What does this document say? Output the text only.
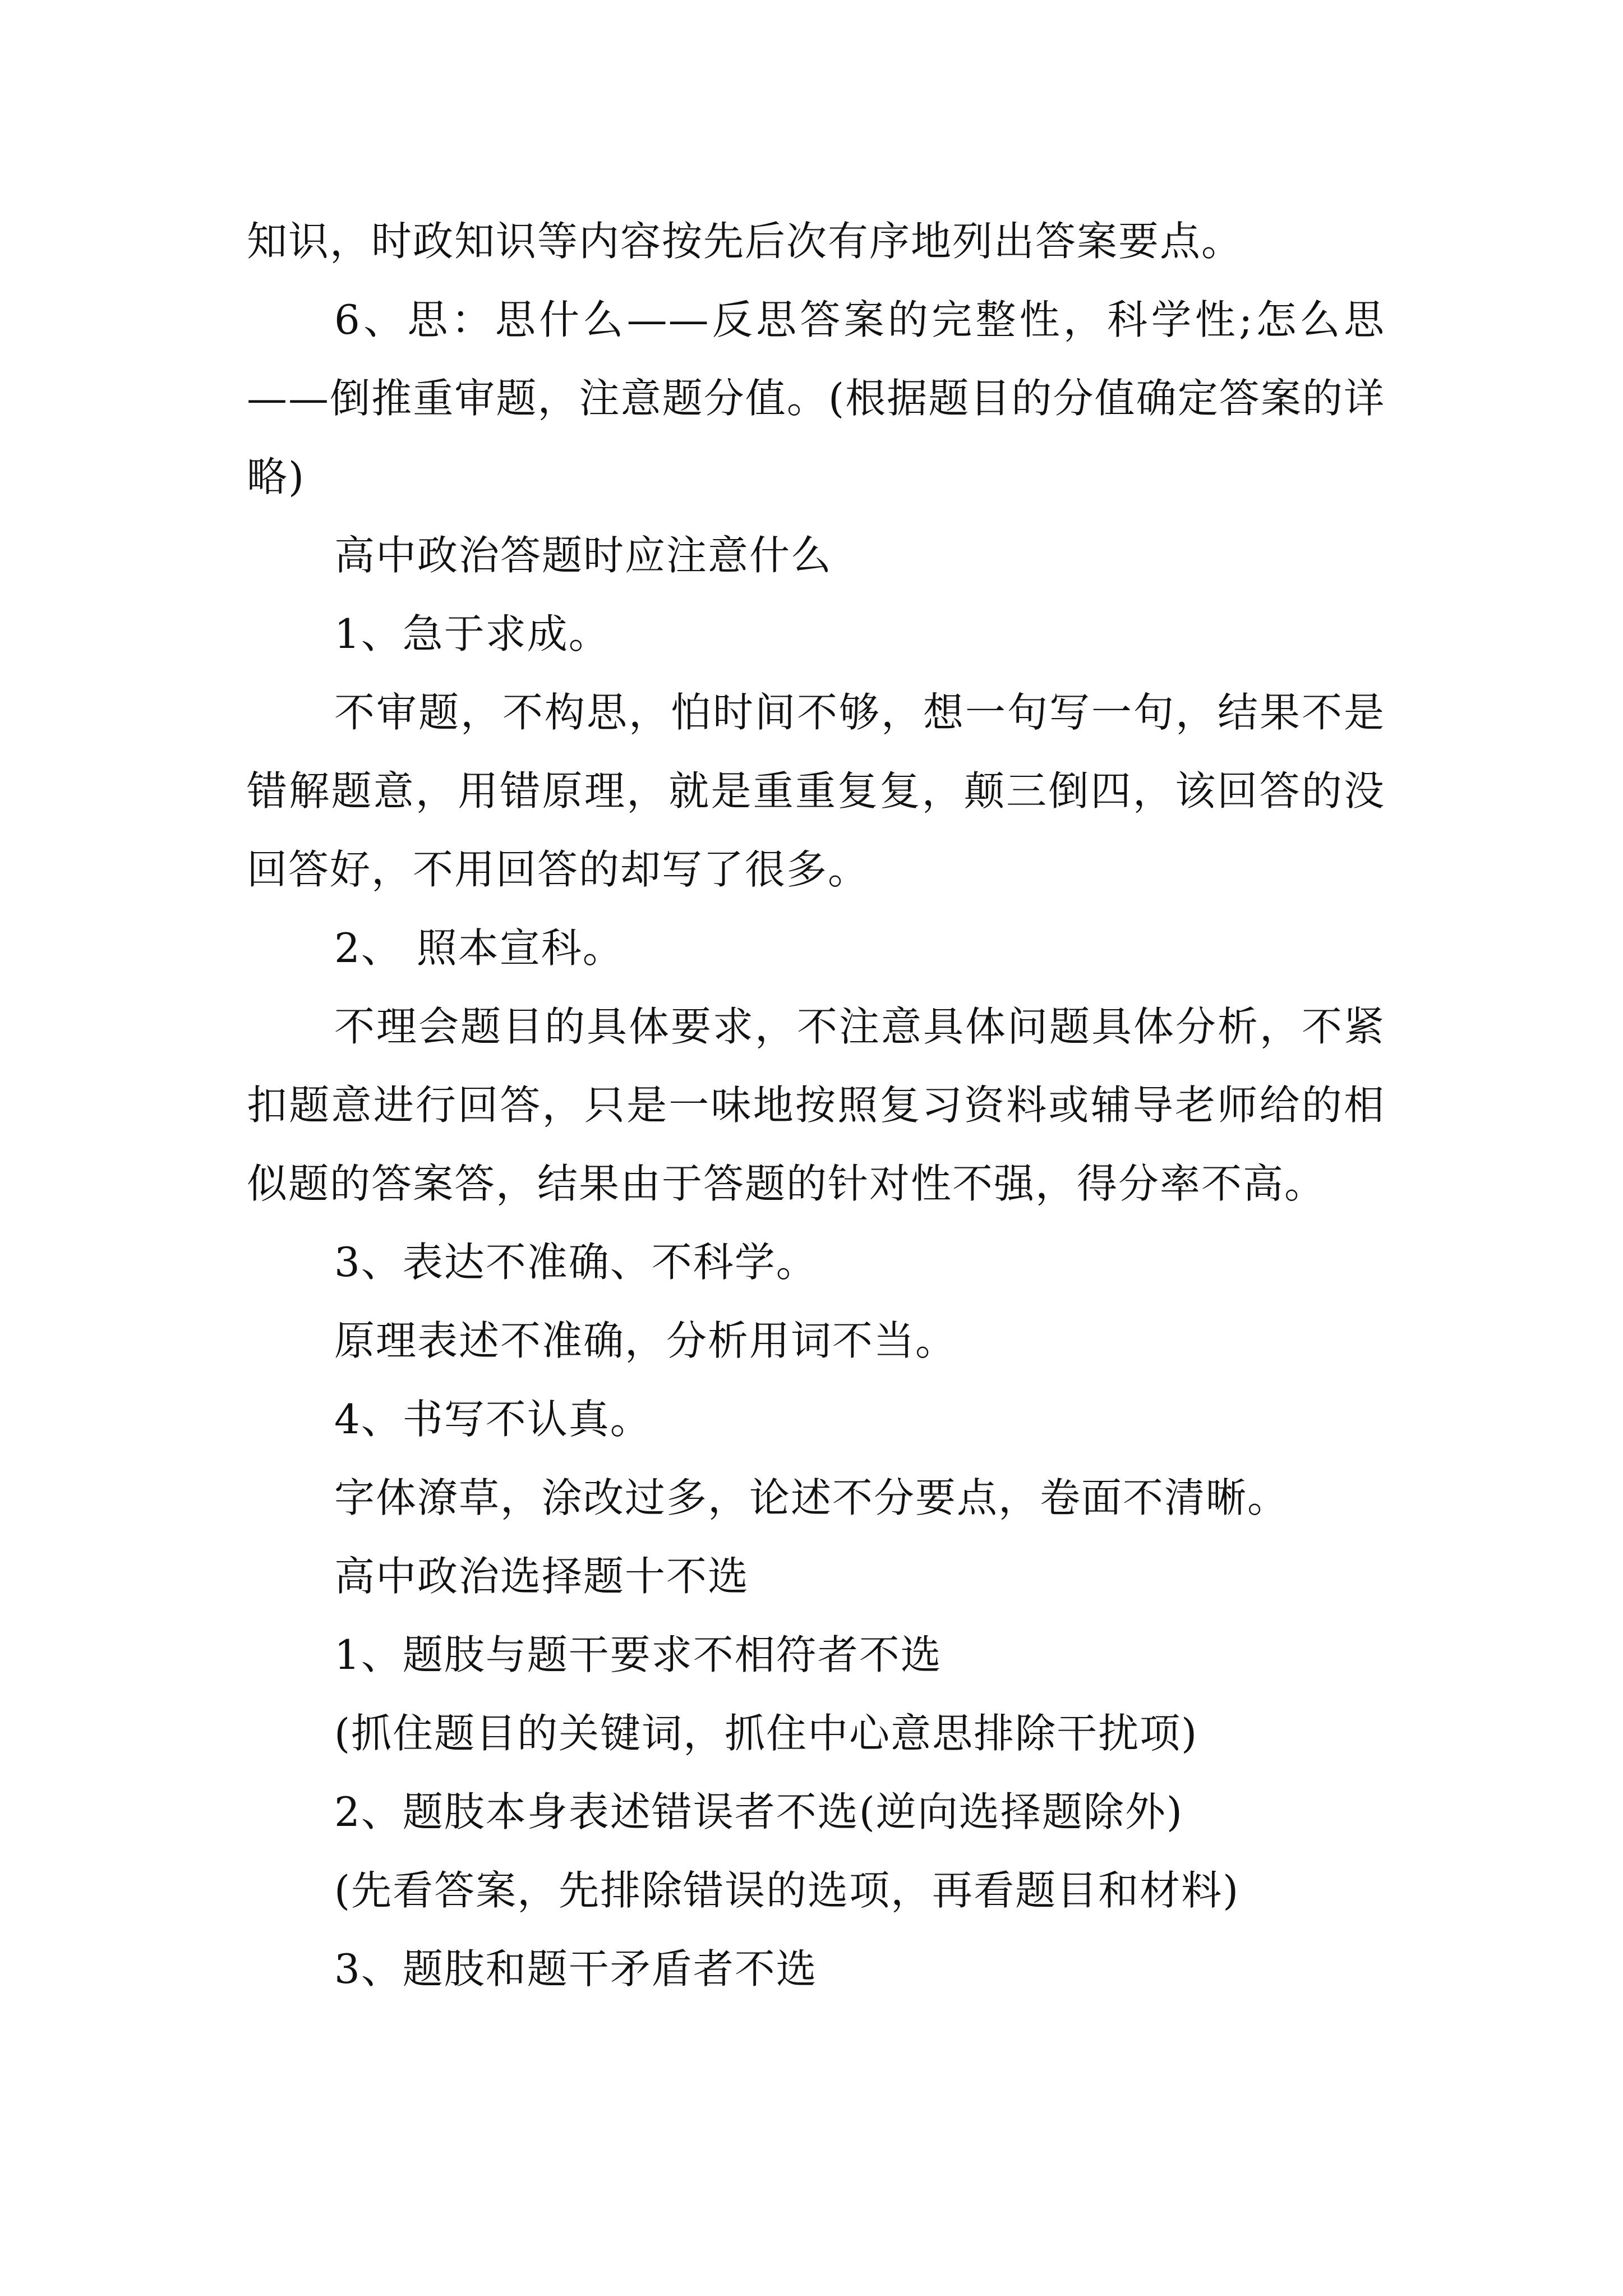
知识，时政知识等内容按先后次有序地列出答案要点。

6、思：思什么——反思答案的完整性，科学性;怎么思——倒推重审题，注意题分值。(根据题目的分值确定答案的详略)

高中政治答题时应注意什么

1、急于求成。

不审题，不构思，怕时间不够，想一句写一句，结果不是错解题意，用错原理，就是重重复复，颠三倒四，该回答的没回答好，不用回答的却写了很多。

2、 照本宣科。

不理会题目的具体要求，不注意具体问题具体分析，不紧扣题意进行回答，只是一味地按照复习资料或辅导老师给的相似题的答案答，结果由于答题的针对性不强，得分率不高。

3、表达不准确、不科学。

原理表述不准确，分析用词不当。

4、书写不认真。

字体潦草，涂改过多，论述不分要点，卷面不清晰。

高中政治选择题十不选

1、题肢与题干要求不相符者不选

(抓住题目的关键词，抓住中心意思排除干扰项)

2、题肢本身表述错误者不选(逆向选择题除外)

(先看答案，先排除错误的选项，再看题目和材料)

3、题肢和题干矛盾者不选
